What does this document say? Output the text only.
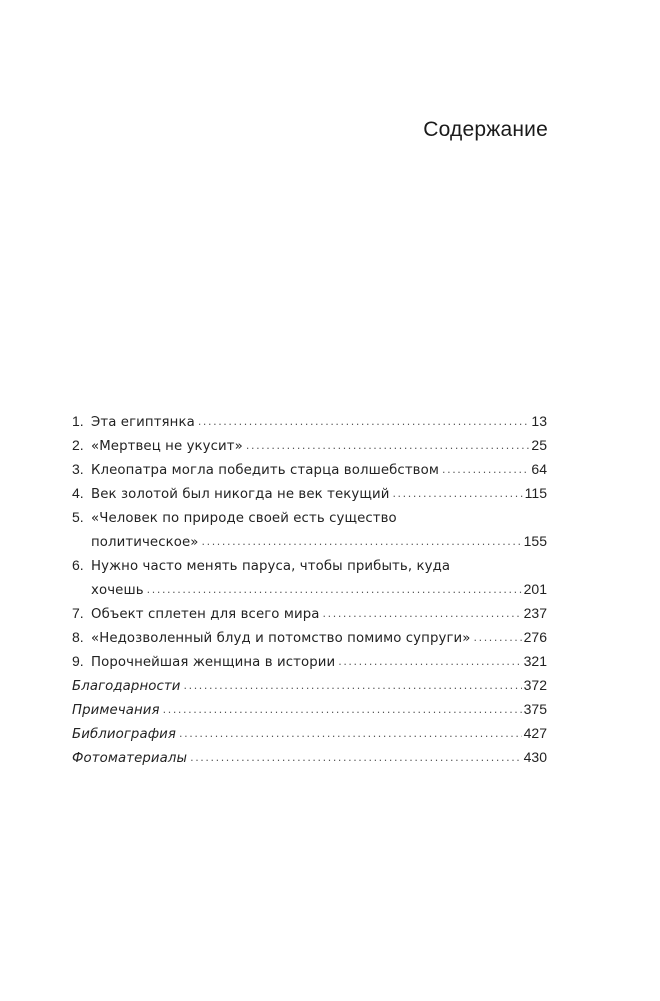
Содержание
1. Эта египтянка .....	13
2. «Мертвец не укусит» .....	25
3. Клеопатра могла победить старца волшебством .....	64
4. Век золотой был никогда не век текущий .....	115
5. «Человек по природе своей есть существо
политическое» .....	155
6. Нужно часто менять паруса, чтобы прибыть, куда
хочешь .....	201
7. Объект сплетен для всего мира .....	237
8. «Недозволенный блуд и потомство помимо супруги» .....	276
9. Порочнейшая женщина в истории .....	321
Благодарности .....	372
Примечания .....	375
Библиография .....	427
Фотоматериалы .....	430
